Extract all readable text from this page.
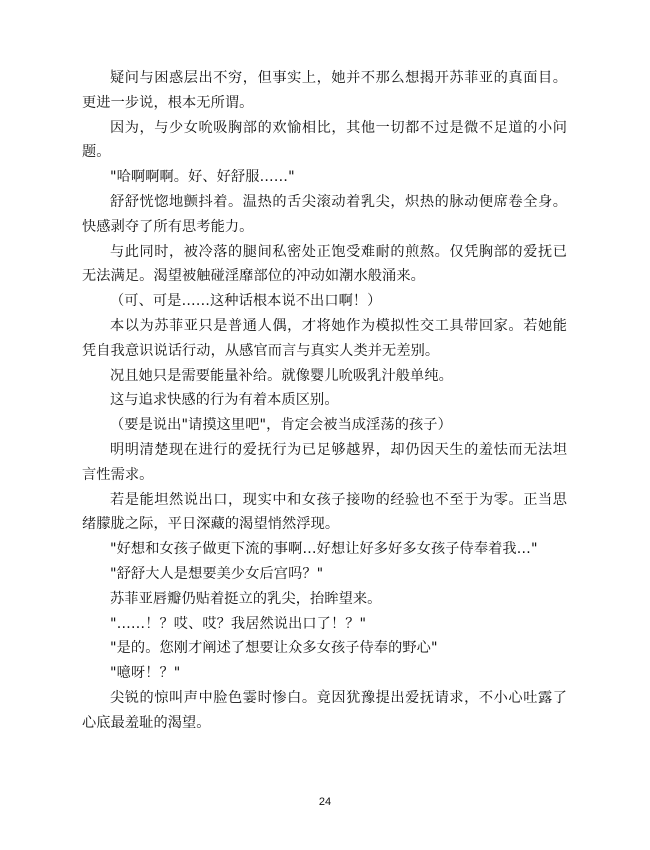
疑问与困惑层出不穷，但事实上，她并不那么想揭开苏菲亚的真面目。更进一步说，根本无所谓。

因为，与少女吮吸胸部的欢愉相比，其他一切都不过是微不足道的小问题。

"哈啊啊啊。好、好舒服……"

舒舒恍惚地颤抖着。温热的舌尖滚动着乳尖，炽热的脉动便席卷全身。快感剥夺了所有思考能力。

与此同时，被冷落的腿间私密处正饱受难耐的煎熬。仅凭胸部的爱抚已无法满足。渴望被触碰淫靡部位的冲动如潮水般涌来。

（可、可是……这种话根本说不出口啊！）

本以为苏菲亚只是普通人偶，才将她作为模拟性交工具带回家。若她能凭自我意识说话行动，从感官而言与真实人类并无差别。

况且她只是需要能量补给。就像婴儿吮吸乳汁般单纯。

这与追求快感的行为有着本质区别。

（要是说出"请摸这里吧"，肯定会被当成淫荡的孩子）

明明清楚现在进行的爱抚行为已足够越界，却仍因天生的羞怯而无法坦言性需求。

若是能坦然说出口，现实中和女孩子接吻的经验也不至于为零。正当思绪朦胧之际，平日深藏的渴望悄然浮现。

"好想和女孩子做更下流的事啊…好想让好多好多女孩子侍奉着我…"

"舒舒大人是想要美少女后宫吗？"

苏菲亚唇瓣仍贴着挺立的乳尖，抬眸望来。

"……！？哎、哎？我居然说出口了！？"

"是的。您刚才阐述了想要让众多女孩子侍奉的野心"

"噫呀！？"

尖锐的惊叫声中脸色霎时惨白。竟因犹豫提出爱抚请求，不小心吐露了心底最羞耻的渴望。

24
